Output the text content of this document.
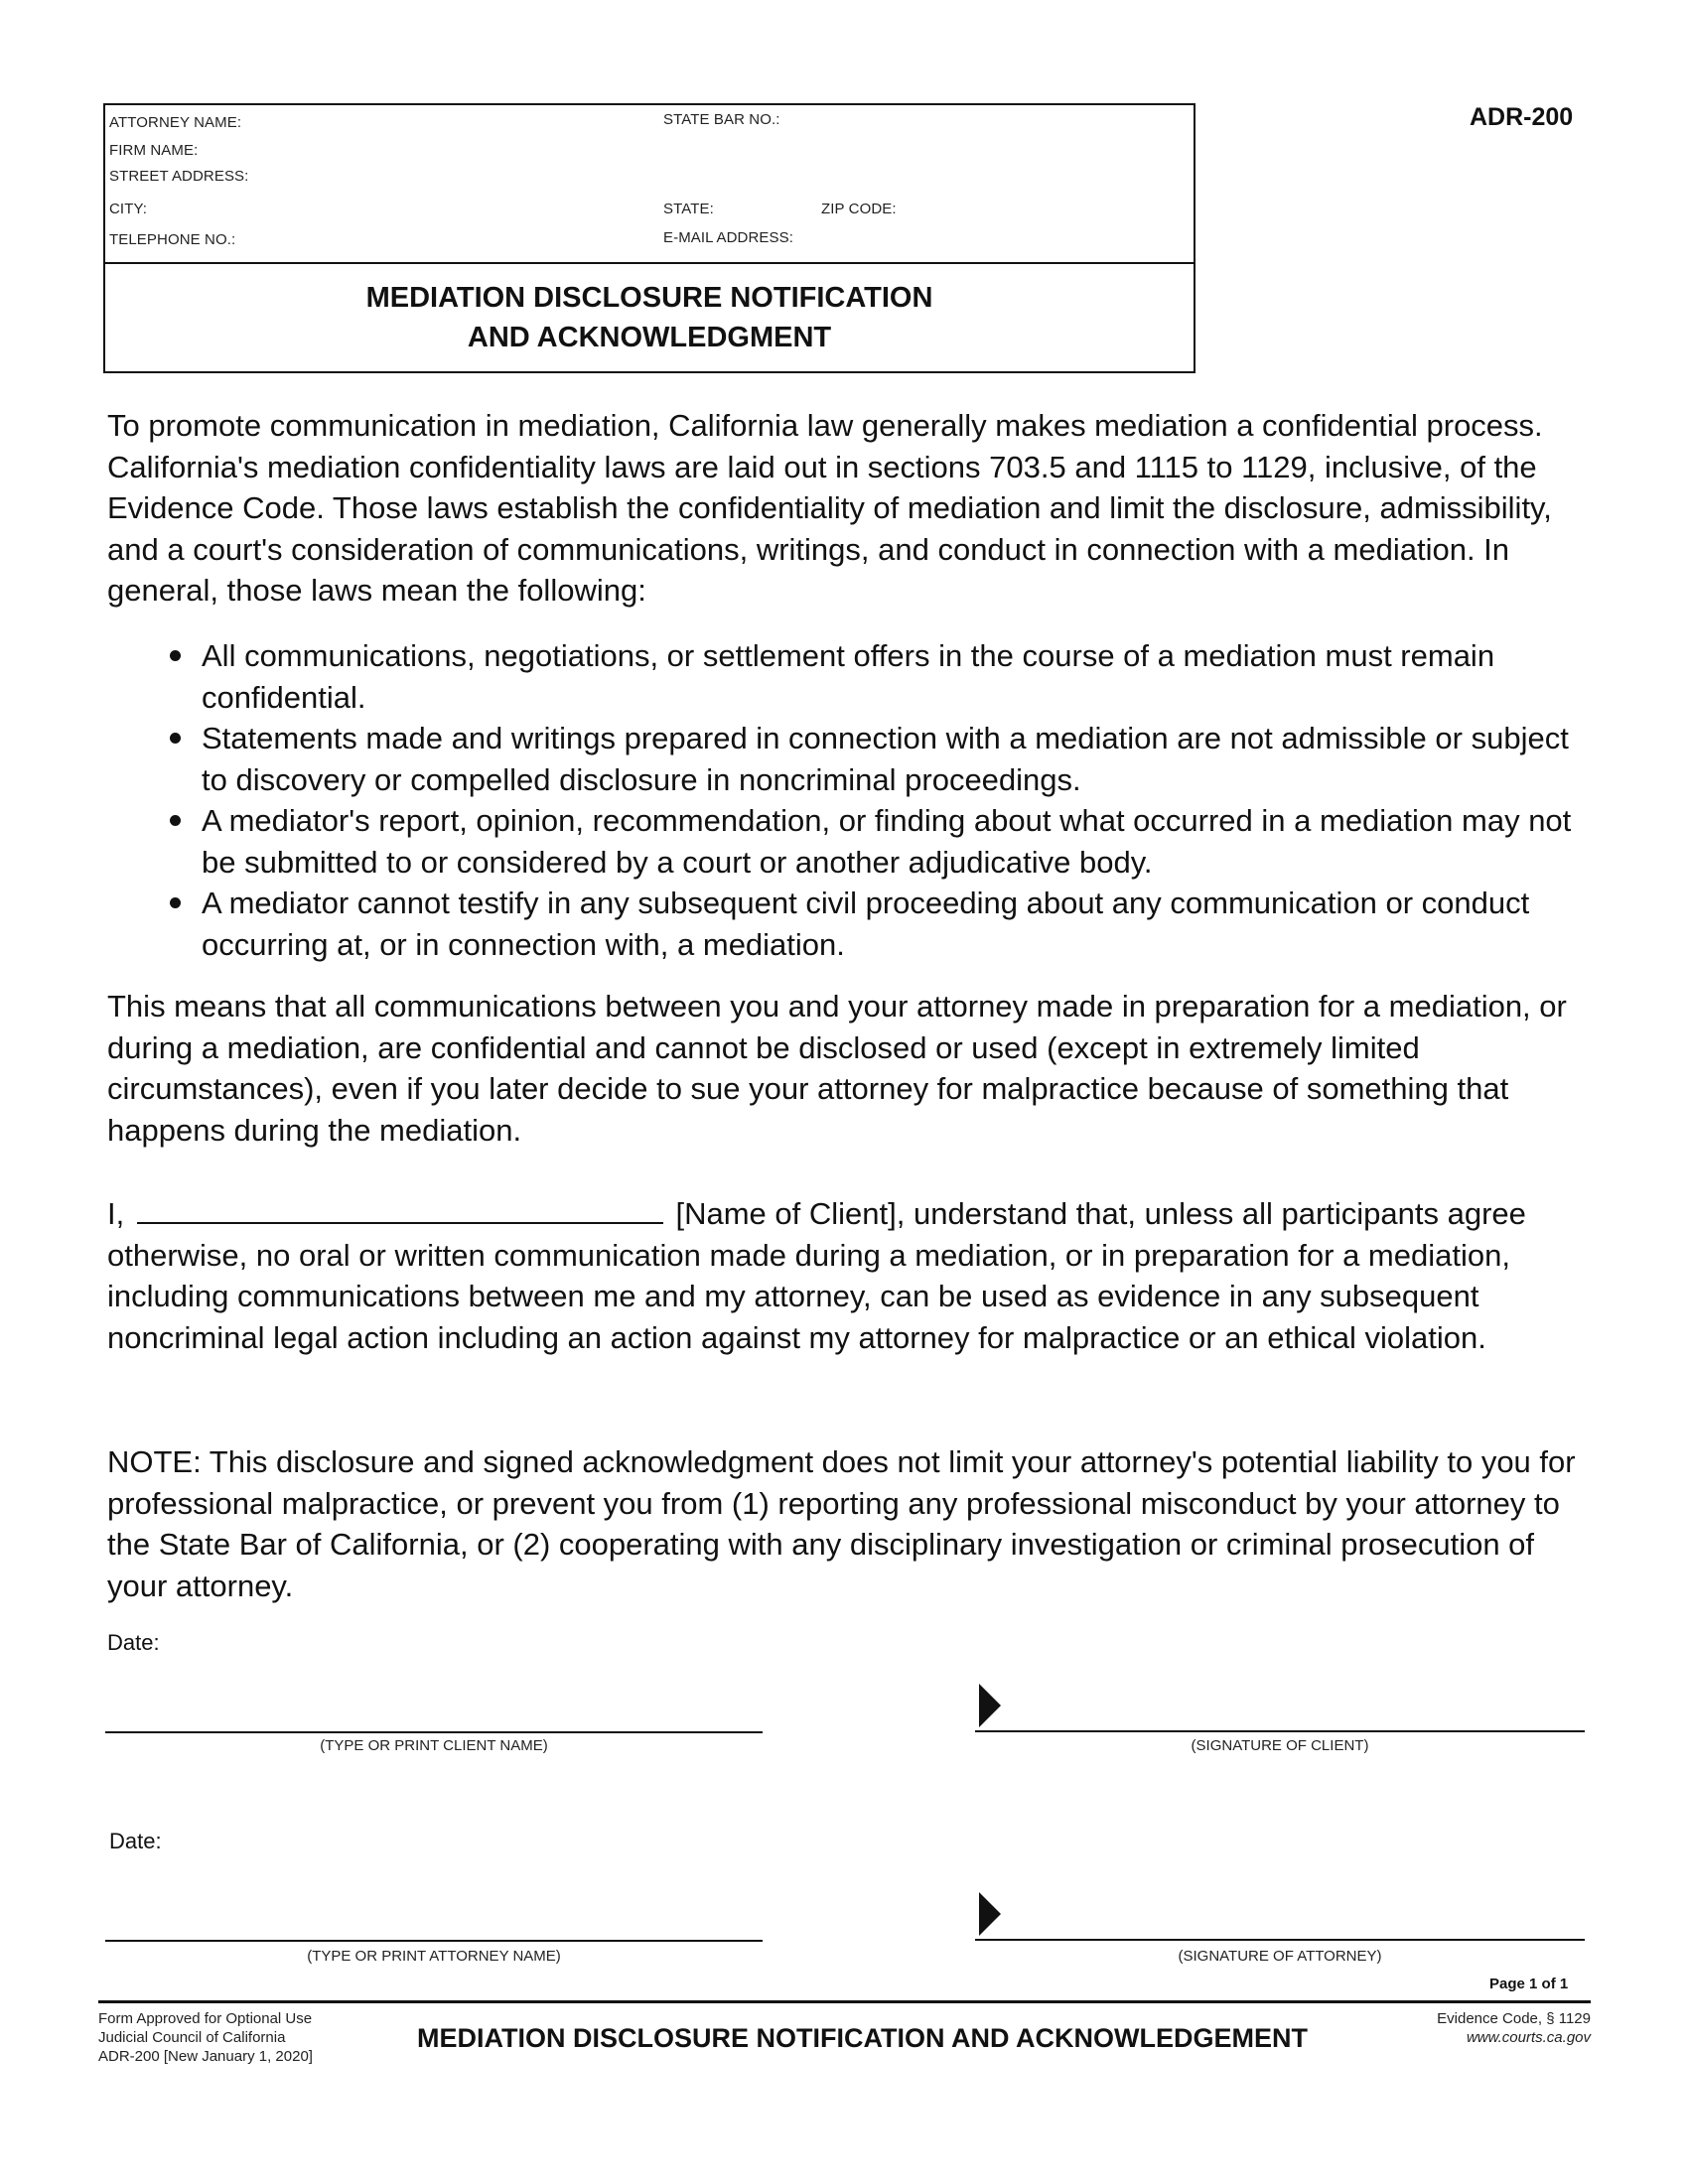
ADR-200
ATTORNEY NAME:	STATE BAR NO.:
FIRM NAME:
STREET ADDRESS:
CITY:	STATE:	ZIP CODE:
TELEPHONE NO.:	E-MAIL ADDRESS:
MEDIATION DISCLOSURE NOTIFICATION
AND ACKNOWLEDGMENT
To promote communication in mediation, California law generally makes mediation a confidential process. California's mediation confidentiality laws are laid out in sections 703.5 and 1115 to 1129, inclusive, of the Evidence Code. Those laws establish the confidentiality of mediation and limit the disclosure, admissibility, and a court's consideration of communications, writings, and conduct in connection with a mediation. In general, those laws mean the following:
All communications, negotiations, or settlement offers in the course of a mediation must remain confidential.
Statements made and writings prepared in connection with a mediation are not admissible or subject to discovery or compelled disclosure in noncriminal proceedings.
A mediator's report, opinion, recommendation, or finding about what occurred in a mediation may not be submitted to or considered by a court or another adjudicative body.
A mediator cannot testify in any subsequent civil proceeding about any communication or conduct occurring at, or in connection with, a mediation.
This means that all communications between you and your attorney made in preparation for a mediation, or during a mediation, are confidential and cannot be disclosed or used (except in extremely limited circumstances), even if you later decide to sue your attorney for malpractice because of something that happens during the mediation.
I,	[Name of Client], understand that, unless all participants agree otherwise, no oral or written communication made during a mediation, or in preparation for a mediation, including communications between me and my attorney, can be used as evidence in any subsequent noncriminal legal action including an action against my attorney for malpractice or an ethical violation.
NOTE: This disclosure and signed acknowledgment does not limit your attorney's potential liability to you for professional malpractice, or prevent you from (1) reporting any professional misconduct by your attorney to the State Bar of California, or (2) cooperating with any disciplinary investigation or criminal prosecution of your attorney.
Date:
(TYPE OR PRINT CLIENT NAME)	(SIGNATURE OF CLIENT)
Date:
(TYPE OR PRINT ATTORNEY NAME)	(SIGNATURE OF ATTORNEY)
Page 1 of 1
Form Approved for Optional Use
Judicial Council of California
ADR-200 [New January 1, 2020]
MEDIATION DISCLOSURE NOTIFICATION AND ACKNOWLEDGEMENT
Evidence Code, § 1129
www.courts.ca.gov
